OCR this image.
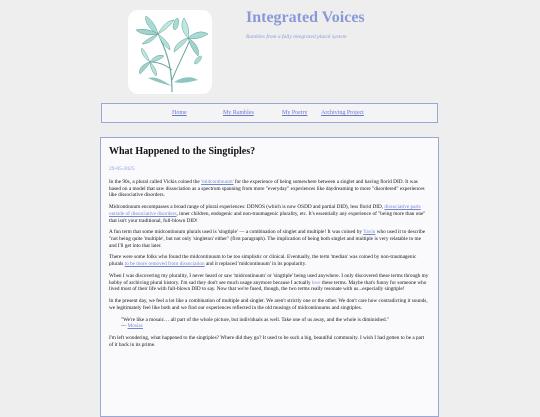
Integrated Voices
Rambles from a fully integrated plural system
Home	My Rambles	My Poetry Archiving Project
What Happened to the Singtiples?
29-05-2025

In the 90s, a plural called Vickis coined the 'midcontinuum' for the experience of being somewhere between a singlet and having florid DID. It was based on a model that saw dissociation as a spectrum spanning from more "everyday" experiences like daydreaming to more "disordered" experiences like dissociative disorders.

Midcontinuum encompasses a broad range of plural experiences: DDNOS (which is now OSDD and partial DID), less florid DID, dissociative parts outside of dissociative disorders, inner children, endogenic and non-traumagenic plurality, etc. It's essentially any experience of "being more than one" that isn't your traditional, full-blown DID!

A fun term that some midcontinuum plurals used is 'singtiple' — a combination of singlet and multiple! It was coined by Yavin who used it to describe "not being quite 'multiple', but not only 'singleton' either" (first paragraph). The implication of being both singlet and multiple is very relatable to me and I'll get into that later.

There were some folks who found the midcontinuum to be too simplistic or clinical. Eventually, the term 'median' was coined by non-traumagenic plurals to be more removed from dissociation and it replaced 'midcontinuum' in its popularity.

When I was discovering my plurality, I never heard or saw 'midcontinuum' or 'singtiple' being used anywhere. I only discovered these terms through my hobby of archiving plural history. I'm sad they don't see much usage anymore because I actually love these terms. Maybe that's funny for someone who lived most of their life with full-blown DID to say. Now that we're fused, though, the two terms really resonate with us...especially singtiple!

In the present day, we feel a lot like a combination of multiple and singlet. We aren't strictly one or the other. We don't care how contradicting it sounds, we legitimately feel like both and we find our experiences reflected in the old musings of midcontinuums and singtiples.

"We're like a mosaic… all part of the whole picture, but individuals as well. Take one of us away, and the whole is diminished."
— Mosiac

I'm left wondering, what happened to the singtiples? Where did they go? It used to be such a big, beautiful community. I wish I had gotten to be a part of it back in its prime.
